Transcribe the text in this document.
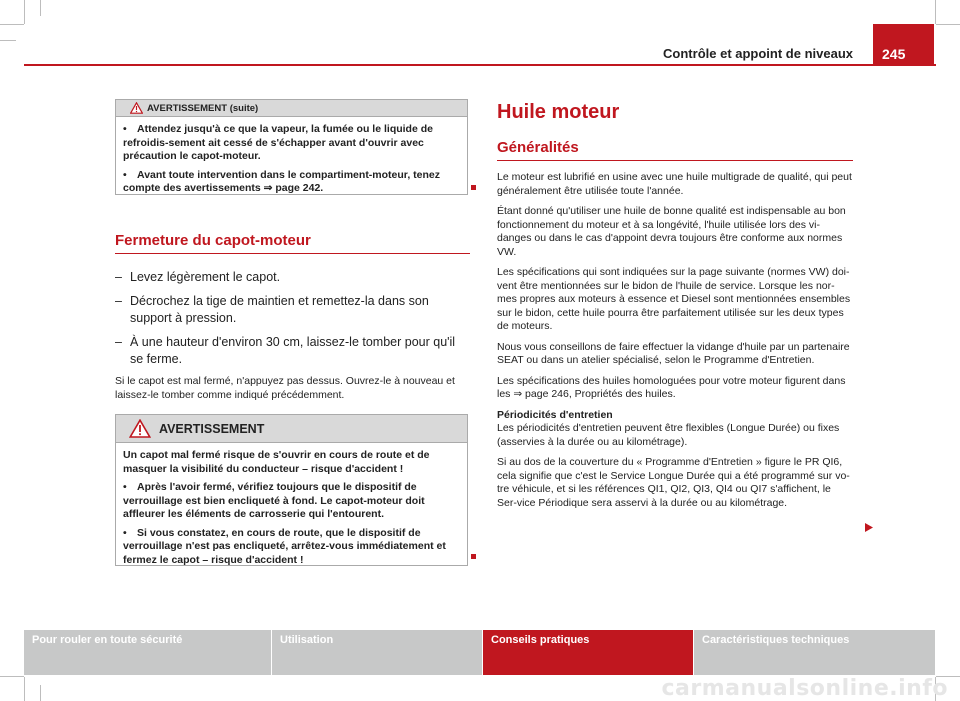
Contrôle et appoint de niveaux	245
AVERTISSEMENT (suite)

• Attendez jusqu'à ce que la vapeur, la fumée ou le liquide de refroidis-sement ait cessé de s'échapper avant d'ouvrir avec précaution le capot-moteur.

• Avant toute intervention dans le compartiment-moteur, tenez compte des avertissements ⇒ page 242.

Fermeture du capot-moteur
– Levez légèrement le capot.
– Décrochez la tige de maintien et remettez-la dans son support à pression.
– À une hauteur d'environ 30 cm, laissez-le tomber pour qu'il se ferme.
Si le capot est mal fermé, n'appuyez pas dessus. Ouvrez-le à nouveau et laissez-le tomber comme indiqué précédemment.
AVERTISSEMENT

Un capot mal fermé risque de s'ouvrir en cours de route et de masquer la visibilité du conducteur – risque d'accident !

• Après l'avoir fermé, vérifiez toujours que le dispositif de verrouillage est bien encliqueté à fond. Le capot-moteur doit affleurer les éléments de carrosserie qui l'entourent.

• Si vous constatez, en cours de route, que le dispositif de verrouillage n'est pas encliqueté, arrêtez-vous immédiatement et fermez le capot – risque d'accident !

Huile moteur
Généralités
Le moteur est lubrifié en usine avec une huile multigrade de qualité, qui peut généralement être utilisée toute l'année.
Étant donné qu'utiliser une huile de bonne qualité est indispensable au bon fonctionnement du moteur et à sa longévité, l'huile utilisée lors des vi-danges ou dans le cas d'appoint devra toujours être conforme aux normes VW.
Les spécifications qui sont indiquées sur la page suivante (normes VW) doi-vent être mentionnées sur le bidon de l'huile de service. Lorsque les nor-mes propres aux moteurs à essence et Diesel sont mentionnées ensembles sur le bidon, cette huile pourra être parfaitement utilisée sur les deux types de moteurs.
Nous vous conseillons de faire effectuer la vidange d'huile par un partenaire SEAT ou dans un atelier spécialisé, selon le Programme d'Entretien.
Les spécifications des huiles homologuées pour votre moteur figurent dans les ⇒ page 246, Propriétés des huiles.
Périodicités d'entretien
Les périodicités d'entretien peuvent être flexibles (Longue Durée) ou fixes (asservies à la durée ou au kilométrage).
Si au dos de la couverture du « Programme d'Entretien » figure le PR QI6, cela signifie que c'est le Service Longue Durée qui a été programmé sur vo-tre véhicule, et si les références QI1, QI2, QI3, QI4 ou QI7 s'affichent, le Ser-vice Périodique sera asservi à la durée ou au kilométrage.
Pour rouler en toute sécurité	Utilisation	Conseils pratiques	Caractéristiques techniques
carmanualsonline.info
